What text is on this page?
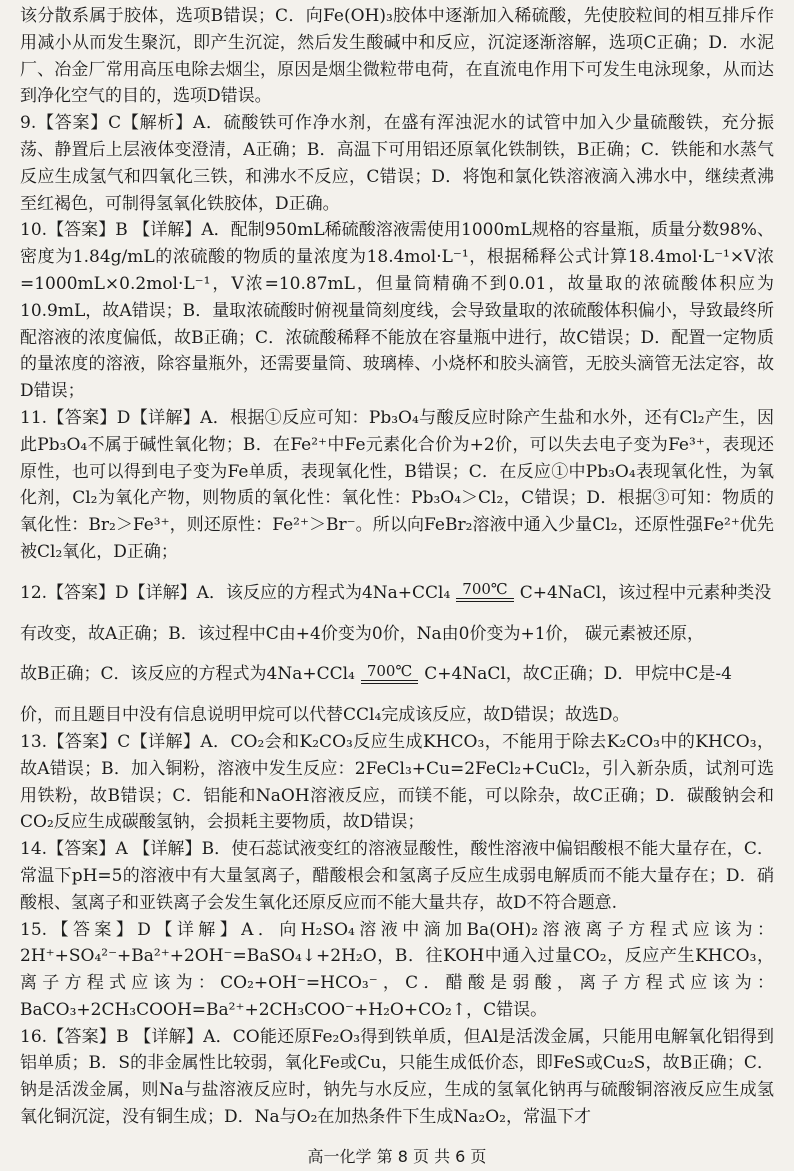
该分散系属于胶体，选项B错误；C．向Fe(OH)₃胶体中逐渐加入稀硫酸，先使胶粒间的相互排斥作用减小从而发生聚沉，即产生沉淀，然后发生酸碱中和反应，沉淀逐渐溶解，选项C正确；D．水泥厂、冶金厂常用高压电除去烟尘，原因是烟尘微粒带电荷，在直流电作用下可发生电泳现象，从而达到净化空气的目的，选项D错误。

9.【答案】C【解析】A．硫酸铁可作净水剂，在盛有浑浊泥水的试管中加入少量硫酸铁，充分振荡、静置后上层液体变澄清，A正确；B．高温下可用铝还原氧化铁制铁，B正确；C．铁能和水蒸气反应生成氢气和四氧化三铁，和沸水不反应，C错误；D．将饱和氯化铁溶液滴入沸水中，继续煮沸至红褐色，可制得氢氧化铁胶体，D正确。

10.【答案】B 【详解】A．配制950mL稀硫酸溶液需使用1000mL规格的容量瓶，质量分数98%、密度为1.84g/mL的浓硫酸的物质的量浓度为18.4mol·L⁻¹，根据稀释公式计算18.4mol·L⁻¹×V浓=1000mL×0.2mol·L⁻¹，V浓=10.87mL，但量筒精确不到0.01，故量取的浓硫酸体积应为10.9mL，故A错误；B．量取浓硫酸时俯视量筒刻度线，会导致量取的浓硫酸体积偏小，导致最终所配溶液的浓度偏低，故B正确；C．浓硫酸稀释不能放在容量瓶中进行，故C错误；D．配置一定物质的量浓度的溶液，除容量瓶外，还需要量筒、玻璃棒、小烧杯和胶头滴管，无胶头滴管无法定容，故D错误；

11.【答案】D【详解】A．根据①反应可知：Pb₃O₄与酸反应时除产生盐和水外，还有Cl₂产生，因此Pb₃O₄不属于碱性氧化物；B．在Fe²⁺中Fe元素化合价为+2价，可以失去电子变为Fe³⁺，表现还原性，也可以得到电子变为Fe单质，表现氧化性，B错误；C．在反应①中Pb₃O₄表现氧化性，为氧化剂，Cl₂为氧化产物，则物质的氧化性：氧化性：Pb₃O₄＞Cl₂，C错误；D．根据③可知：物质的氧化性：Br₂＞Fe³⁺，则还原性：Fe²⁺＞Br⁻。所以向FeBr₂溶液中通入少量Cl₂，还原性强Fe²⁺优先被Cl₂氧化，D正确；

12.【答案】D【详解】A．该反应的方程式为4Na+CCl₄ 700℃ C+4NaCl，该过程中元素种类没

有改变，故A正确；B．该过程中C由+4价变为0价，Na由0价变为+1价， 碳元素被还原，

故B正确；C．该反应的方程式为4Na+CCl₄ 700℃ C+4NaCl，故C正确；D．甲烷中C是-4

价，而且题目中没有信息说明甲烷可以代替CCl₄完成该反应，故D错误；故选D。

13.【答案】C【详解】A．CO₂会和K₂CO₃反应生成KHCO₃，不能用于除去K₂CO₃中的KHCO₃，故A错误；B．加入铜粉，溶液中发生反应：2FeCl₃+Cu=2FeCl₂+CuCl₂，引入新杂质，试剂可选用铁粉，故B错误；C．铝能和NaOH溶液反应，而镁不能，可以除杂，故C正确；D．碳酸钠会和CO₂反应生成碳酸氢钠，会损耗主要物质，故D错误；

14.【答案】A 【详解】B．使石蕊试液变红的溶液显酸性，酸性溶液中偏铝酸根不能大量存在，C．常温下pH=5的溶液中有大量氢离子，醋酸根会和氢离子反应生成弱电解质而不能大量存在；D．硝酸根、氢离子和亚铁离子会发生氧化还原反应而不能大量共存，故D不符合题意.

15.【答案】D【详解】A．向H₂SO₄溶液中滴加Ba(OH)₂溶液离子方程式应该为：2H⁺+SO₄²⁻+Ba²⁺+2OH⁻=BaSO₄↓+2H₂O，B．往KOH中通入过量CO₂，反应产生KHCO₃，离子方程式应该为：CO₂+OH⁻=HCO₃⁻，C．醋酸是弱酸，离子方程式应该为：BaCO₃+2CH₃COOH=Ba²⁺+2CH₃COO⁻+H₂O+CO₂↑，C错误。

16.【答案】B 【详解】A．CO能还原Fe₂O₃得到铁单质，但Al是活泼金属，只能用电解氧化铝得到铝单质；B．S的非金属性比较弱，氧化Fe或Cu，只能生成低价态，即FeS或Cu₂S，故B正确；C．钠是活泼金属，则Na与盐溶液反应时，钠先与水反应，生成的氢氧化钠再与硫酸铜溶液反应生成氢氧化铜沉淀，没有铜生成；D．Na与O₂在加热条件下生成Na₂O₂，常温下才

高一化学 第 8 页 共 6 页
